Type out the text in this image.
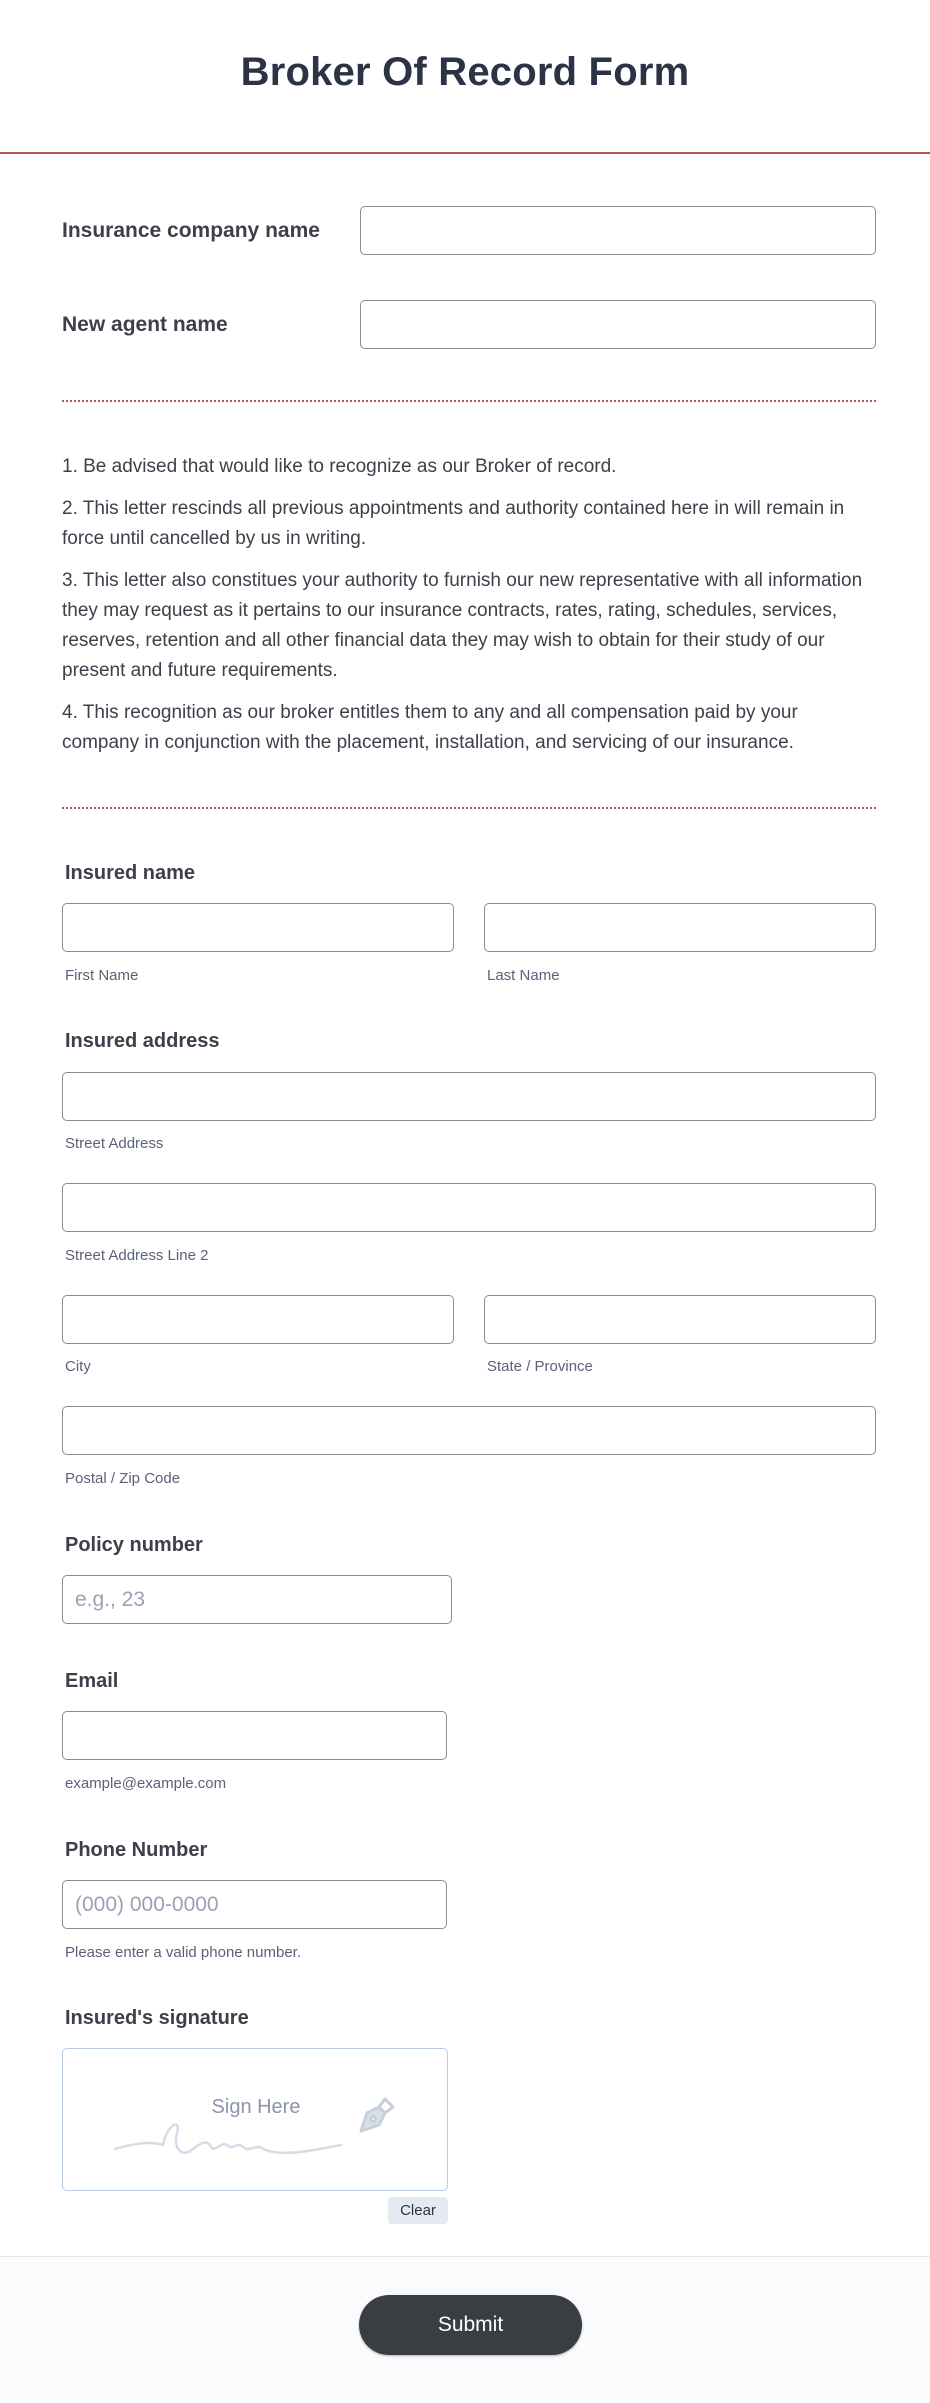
Broker Of Record Form
Insurance company name
New agent name
1. Be advised that would like to recognize as our Broker of record.
2. This letter rescinds all previous appointments and authority contained here in will remain in force until cancelled by us in writing.
3. This letter also constitues your authority to furnish our new representative with all information they may request as it pertains to our insurance contracts, rates, rating, schedules, services, reserves, retention and all other financial data they may wish to obtain for their study of our present and future requirements.
4. This recognition as our broker entitles them to any and all compensation paid by your company in conjunction with the placement, installation, and servicing of our insurance.
Insured name
First Name	Last Name
Insured address
Street Address
Street Address Line 2
City	State / Province
Postal / Zip Code
Policy number
e.g., 23
Email
example@example.com
Phone Number
(000) 000-0000
Please enter a valid phone number.
Insured's signature
Sign Here
Clear
Submit
